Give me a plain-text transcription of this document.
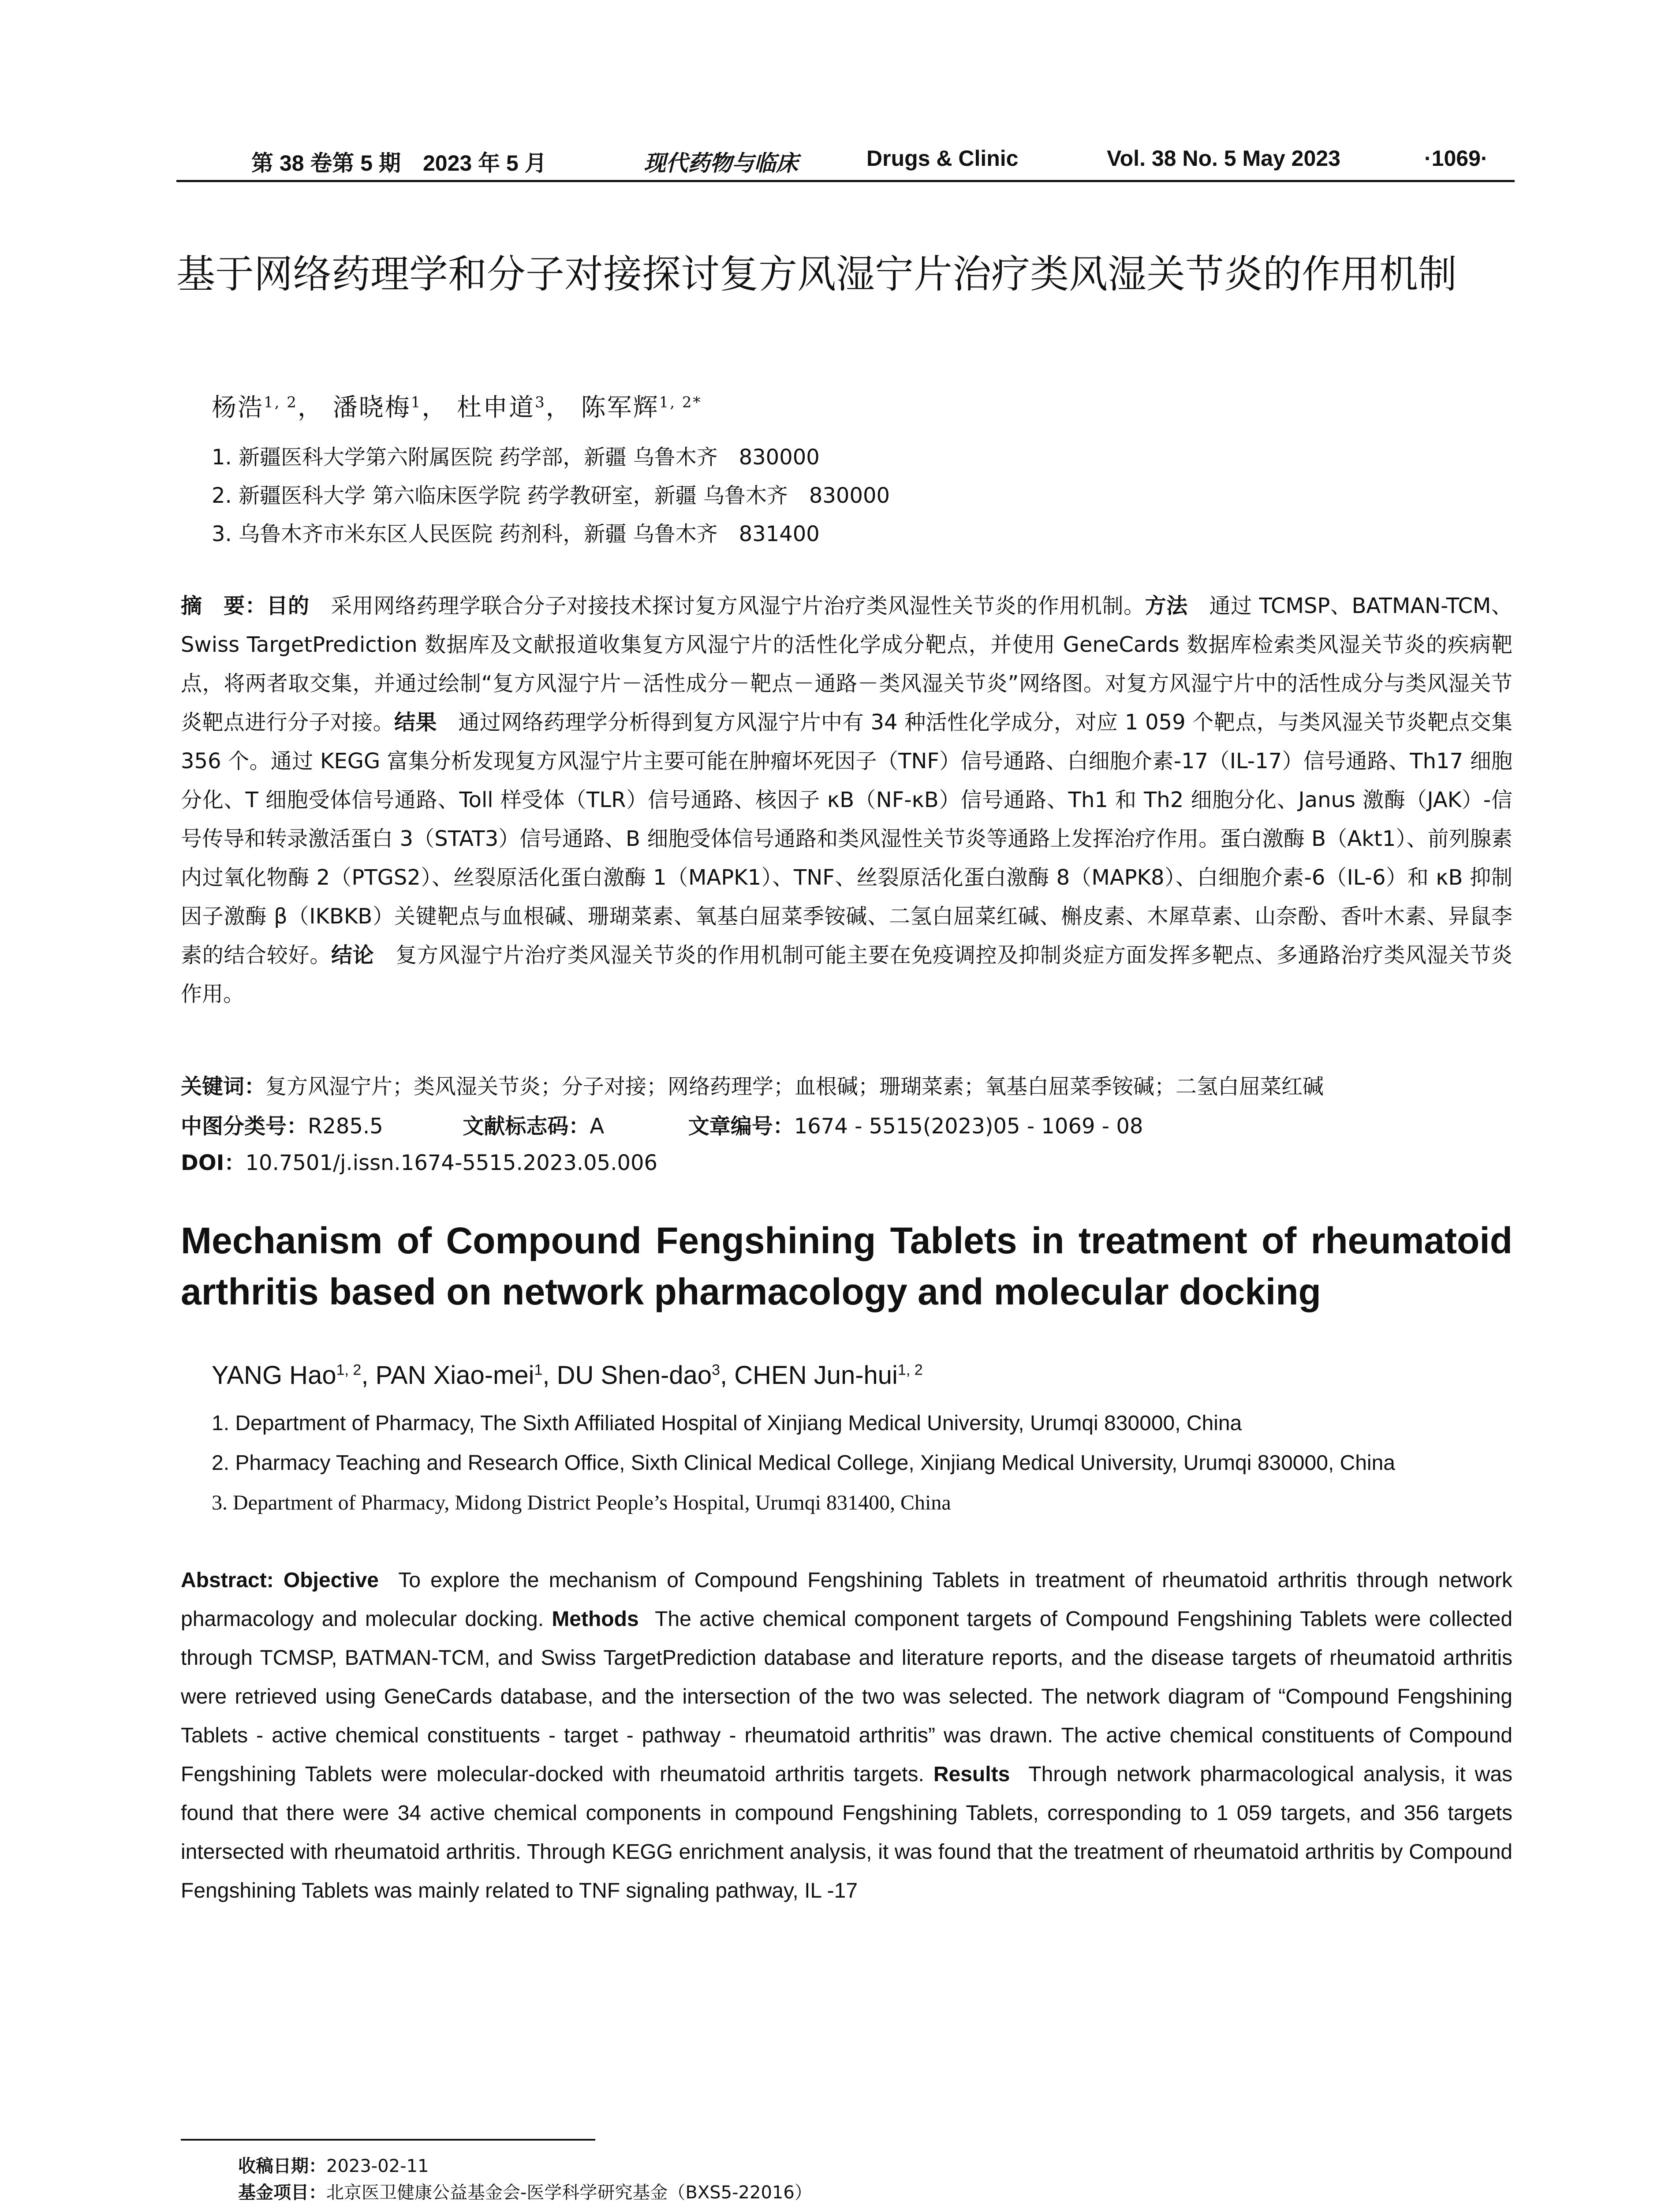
第 38 卷第 5 期　2023 年 5 月	现代药物与临床	Drugs & Clinic	Vol. 38 No. 5 May 2023	·1069·
基于网络药理学和分子对接探讨复方风湿宁片治疗类风湿关节炎的作用机制
杨浩$^{1, 2}$， 潘晓梅$^1$， 杜申道$^3$， 陈军辉$^{1, 2*}$
1. 新疆医科大学第六附属医院 药学部，新疆 乌鲁木齐　830000
2. 新疆医科大学 第六临床医学院 药学教研室，新疆 乌鲁木齐　830000
3. 乌鲁木齐市米东区人民医院 药剂科，新疆 乌鲁木齐　831400
摘　要：目的　 采用网络药理学联合分子对接技术探讨复方风湿宁片治疗类风湿性关节炎的作用机制。方法　 通过 TCMSP、BATMAN-TCM、Swiss TargetPrediction 数据库及文献报道收集复方风湿宁片的活性化学成分靶点，并使用 GeneCards 数据库检索类风湿关节炎的疾病靶点，将两者取交集，并通过绘制“复方风湿宁片－活性成分－靶点－通路－类风湿关节炎”网络图。对复方风湿宁片中的活性成分与类风湿关节炎靶点进行分子对接。结果　 通过网络药理学分析得到复方风湿宁片中有 34 种活性化学成分，对应 1 059 个靶点，与类风湿关节炎靶点交集 356 个。通过 KEGG 富集分析发现复方风湿宁片主要可能在肿瘤坏死因子（TNF）信号通路、白细胞介素-17（IL-17）信号通路、Th17 细胞分化、T 细胞受体信号通路、Toll 样受体（TLR）信号通路、核因子 κB（NF-κB）信号通路、Th1 和 Th2 细胞分化、Janus 激酶（JAK）-信号传导和转录激活蛋白 3（STAT3）信号通路、B 细胞受体信号通路和类风湿性关节炎等通路上发挥治疗作用。蛋白激酶 B（Akt1）、前列腺素内过氧化物酶 2（PTGS2）、丝裂原活化蛋白激酶 1（MAPK1）、TNF、丝裂原活化蛋白激酶 8（MAPK8）、白细胞介素-6（IL-6）和 κB 抑制因子激酶 β（IKBKB）关键靶点与血根碱、珊瑚菜素、氧基白屈菜季铵碱、二氢白屈菜红碱、槲皮素、木犀草素、山奈酚、香叶木素、异鼠李素的结合较好。结论　 复方风湿宁片治疗类风湿关节炎的作用机制可能主要在免疫调控及抑制炎症方面发挥多靶点、多通路治疗类风湿关节炎作用。
关键词：复方风湿宁片；类风湿关节炎；分子对接；网络药理学；血根碱；珊瑚菜素；氧基白屈菜季铵碱；二氢白屈菜红碱
中图分类号：R285.5	文献标志码：A	文章编号：1674 - 5515(2023)05 - 1069 - 08
DOI：10.7501/j.issn.1674-5515.2023.05.006
Mechanism of Compound Fengshining Tablets in treatment of rheumatoid arthritis based on network pharmacology and molecular docking
YANG Hao$^{1, 2}$, PAN Xiao-mei$^1$, DU Shen-dao$^3$, CHEN Jun-hui$^{1, 2}$
1. Department of Pharmacy, The Sixth Affiliated Hospital of Xinjiang Medical University, Urumqi 830000, China
2. Pharmacy Teaching and Research Office, Sixth Clinical Medical College, Xinjiang Medical University, Urumqi 830000, China
3. Department of Pharmacy, Midong District People’s Hospital, Urumqi 831400, China
Abstract: Objective To explore the mechanism of Compound Fengshining Tablets in treatment of rheumatoid arthritis through network pharmacology and molecular docking. Methods The active chemical component targets of Compound Fengshining Tablets were collected through TCMSP, BATMAN-TCM, and Swiss TargetPrediction database and literature reports, and the disease targets of rheumatoid arthritis were retrieved using GeneCards database, and the intersection of the two was selected. The network diagram of “Compound Fengshining Tablets - active chemical constituents - target - pathway - rheumatoid arthritis” was drawn. The active chemical constituents of Compound Fengshining Tablets were molecular-docked with rheumatoid arthritis targets. Results Through network pharmacological analysis, it was found that there were 34 active chemical components in compound Fengshining Tablets, corresponding to 1 059 targets, and 356 targets intersected with rheumatoid arthritis. Through KEGG enrichment analysis, it was found that the treatment of rheumatoid arthritis by Compound Fengshining Tablets was mainly related to TNF signaling pathway, IL -17
收稿日期：2023-02-11
基金项目：北京医卫健康公益基金会-医学科学研究基金（BXS5-22016）
